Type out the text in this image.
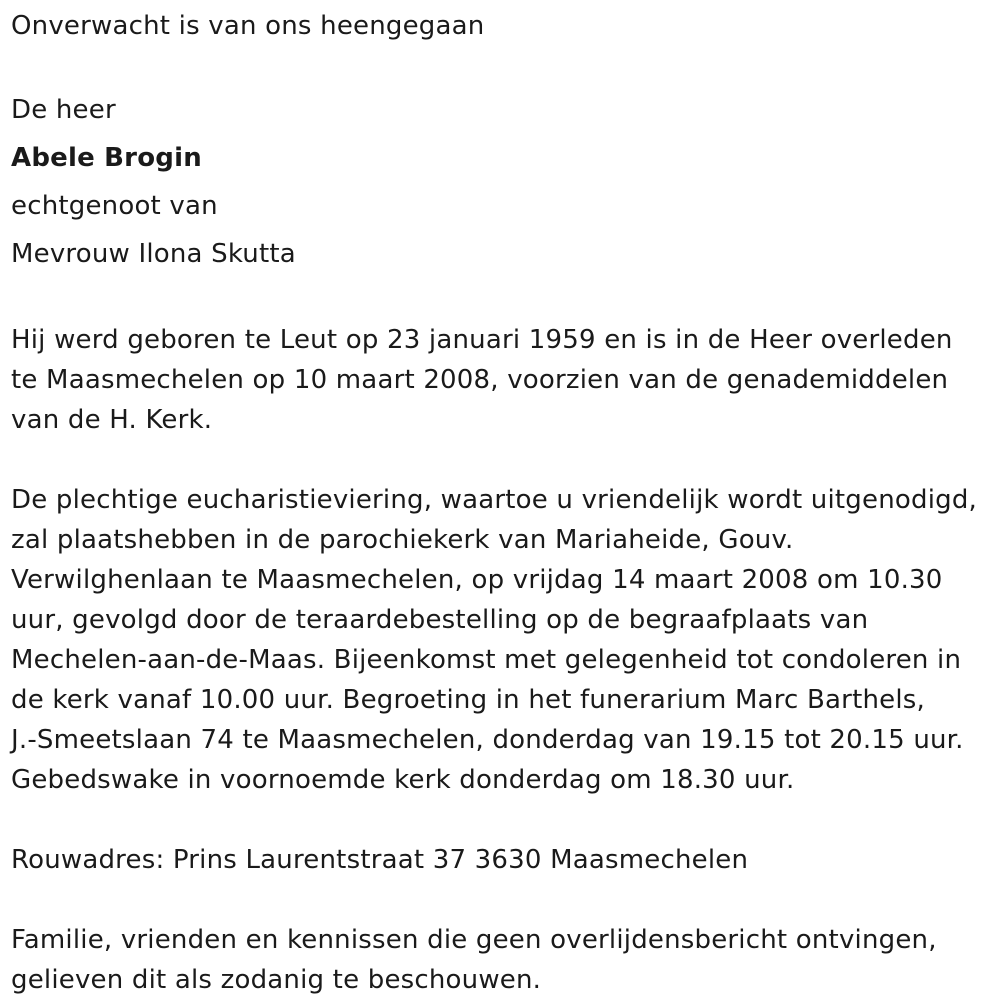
Onverwacht is van ons heengegaan

De heer

Abele Brogin

echtgenoot van

Mevrouw Ilona Skutta

Hij werd geboren te Leut op 23 januari 1959 en is in de Heer overleden

te Maasmechelen op 10 maart 2008, voorzien van de genademiddelen

van de H. Kerk.

De plechtige eucharistieviering, waartoe u vriendelijk wordt uitgenodigd,

zal plaatshebben in de parochiekerk van Mariaheide, Gouv.

Verwilghenlaan te Maasmechelen, op vrijdag 14 maart 2008 om 10.30

uur, gevolgd door de teraardebestelling op de begraafplaats van

Mechelen-aan-de-Maas. Bijeenkomst met gelegenheid tot condoleren in

de kerk vanaf 10.00 uur. Begroeting in het funerarium Marc Barthels,

J.-Smeetslaan 74 te Maasmechelen, donderdag van 19.15 tot 20.15 uur.

Gebedswake in voornoemde kerk donderdag om 18.30 uur.

Rouwadres: Prins Laurentstraat 37 3630 Maasmechelen

Familie, vrienden en kennissen die geen overlijdensbericht ontvingen,

gelieven dit als zodanig te beschouwen.
